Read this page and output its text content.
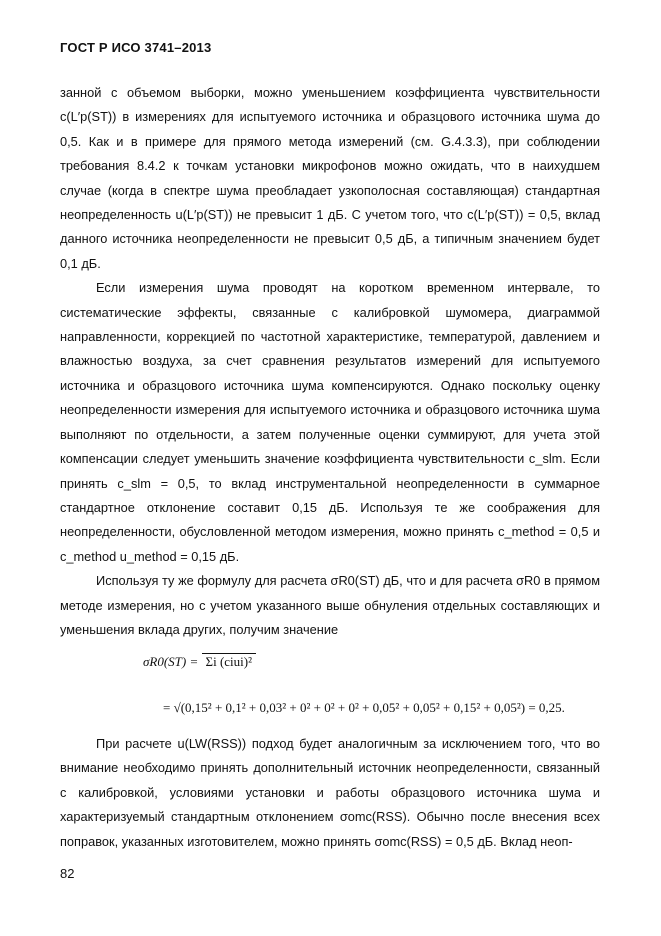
ГОСТ Р ИСО 3741–2013

занной с объемом выборки, можно уменьшением коэффициента чувствительности c(L′p(ST)) в измерениях для испытуемого источника и образцового источника шума до 0,5. Как и в примере для прямого метода измерений (см. G.4.3.3), при соблюдении требования 8.4.2 к точкам установки микрофонов можно ожидать, что в наихудшем случае (когда в спектре шума преобладает узкополосная составляющая) стандартная неопределенность u(L′p(ST)) не превысит 1 дБ. С учетом того, что c(L′p(ST)) = 0,5, вклад данного источника неопределенности не превысит 0,5 дБ, а типичным значением будет 0,1 дБ.

Если измерения шума проводят на коротком временном интервале, то систематические эффекты, связанные с калибровкой шумомера, диаграммой направленности, коррекцией по частотной характеристике, температурой, давлением и влажностью воздуха, за счет сравнения результатов измерений для испытуемого источника и образцового источника шума компенсируются. Однако поскольку оценку неопределенности измерения для испытуемого источника и образцового источника шума выполняют по отдельности, а затем полученные оценки суммируют, для учета этой компенсации следует уменьшить значение коэффициента чувствительности c_slm. Если принять c_slm = 0,5, то вклад инструментальной неопределенности в суммарное стандартное отклонение составит 0,15 дБ. Используя те же соображения для неопределенности, обусловленной методом измерения, можно принять c_method = 0,5 и c_method u_method = 0,15 дБ.

Используя ту же формулу для расчета σR0(ST) дБ, что и для расчета σR0 в прямом методе измерения, но с учетом указанного выше обнуления отдельных составляющих и уменьшения вклада других, получим значение

σR0(ST) = Σi (ciui)²
= √(0,15² + 0,1² + 0,03² + 0² + 0² + 0² + 0,05² + 0,05² + 0,15² + 0,05²) = 0,25.

При расчете u(LW(RSS)) подход будет аналогичным за исключением того, что во внимание необходимо принять дополнительный источник неопределенности, связанный с калибровкой, условиями установки и работы образцового источника шума и характеризуемый стандартным отклонением σomc(RSS). Обычно после внесения всех поправок, указанных изготовителем, можно принять σomc(RSS) = 0,5 дБ. Вклад неоп-

82
